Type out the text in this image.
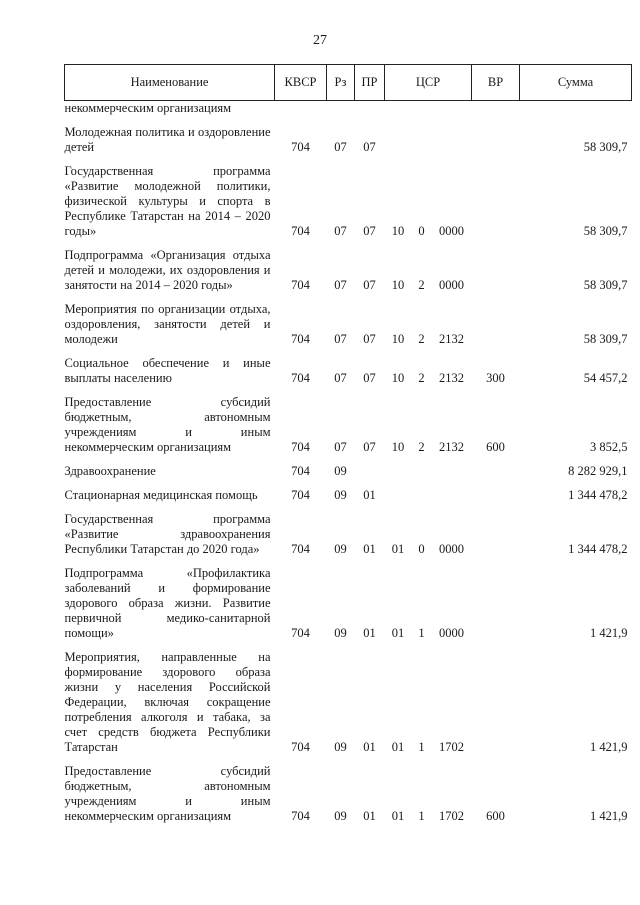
27
Наименование	КВСР	Рз	ПР	ЦСР			ВР	Сумма
некоммерческим организациям								

Молодежная политика и оздоровление детей	704	07	07					58 309,7

Государственная программа «Развитие молодежной политики, физической культуры и спорта в Республике Татарстан на 2014 – 2020 годы»	704	07	07	10	0	0000		58 309,7

Подпрограмма «Организация отдыха детей и молодежи, их оздоровления и занятости на 2014 – 2020 годы»	704	07	07	10	2	0000		58 309,7

Мероприятия по организации отдыха, оздоровления, занятости детей и молодежи	704	07	07	10	2	2132		58 309,7

Социальное обеспечение и иные выплаты населению	704	07	07	10	2	2132	300	54 457,2

Предоставление субсидий бюджетным, автономным учреждениям и иным некоммерческим организациям	704	07	07	10	2	2132	600	3 852,5

Здравоохранение	704	09						8 282 929,1

Стационарная медицинская помощь	704	09	01					1 344 478,2

Государственная программа «Развитие здравоохранения Республики Татарстан до 2020 года»	704	09	01	01	0	0000		1 344 478,2

Подпрограмма «Профилактика заболеваний и формирование здорового образа жизни. Развитие первичной медико-санитарной помощи»	704	09	01	01	1	0000		1 421,9

Мероприятия, направленные на формирование здорового образа жизни у населения Российской Федерации, включая сокращение потребления алкоголя и табака, за счет средств бюджета Республики Татарстан	704	09	01	01	1	1702		1 421,9

Предоставление субсидий бюджетным, автономным учреждениям и иным некоммерческим организациям	704	09	01	01	1	1702	600	1 421,9
